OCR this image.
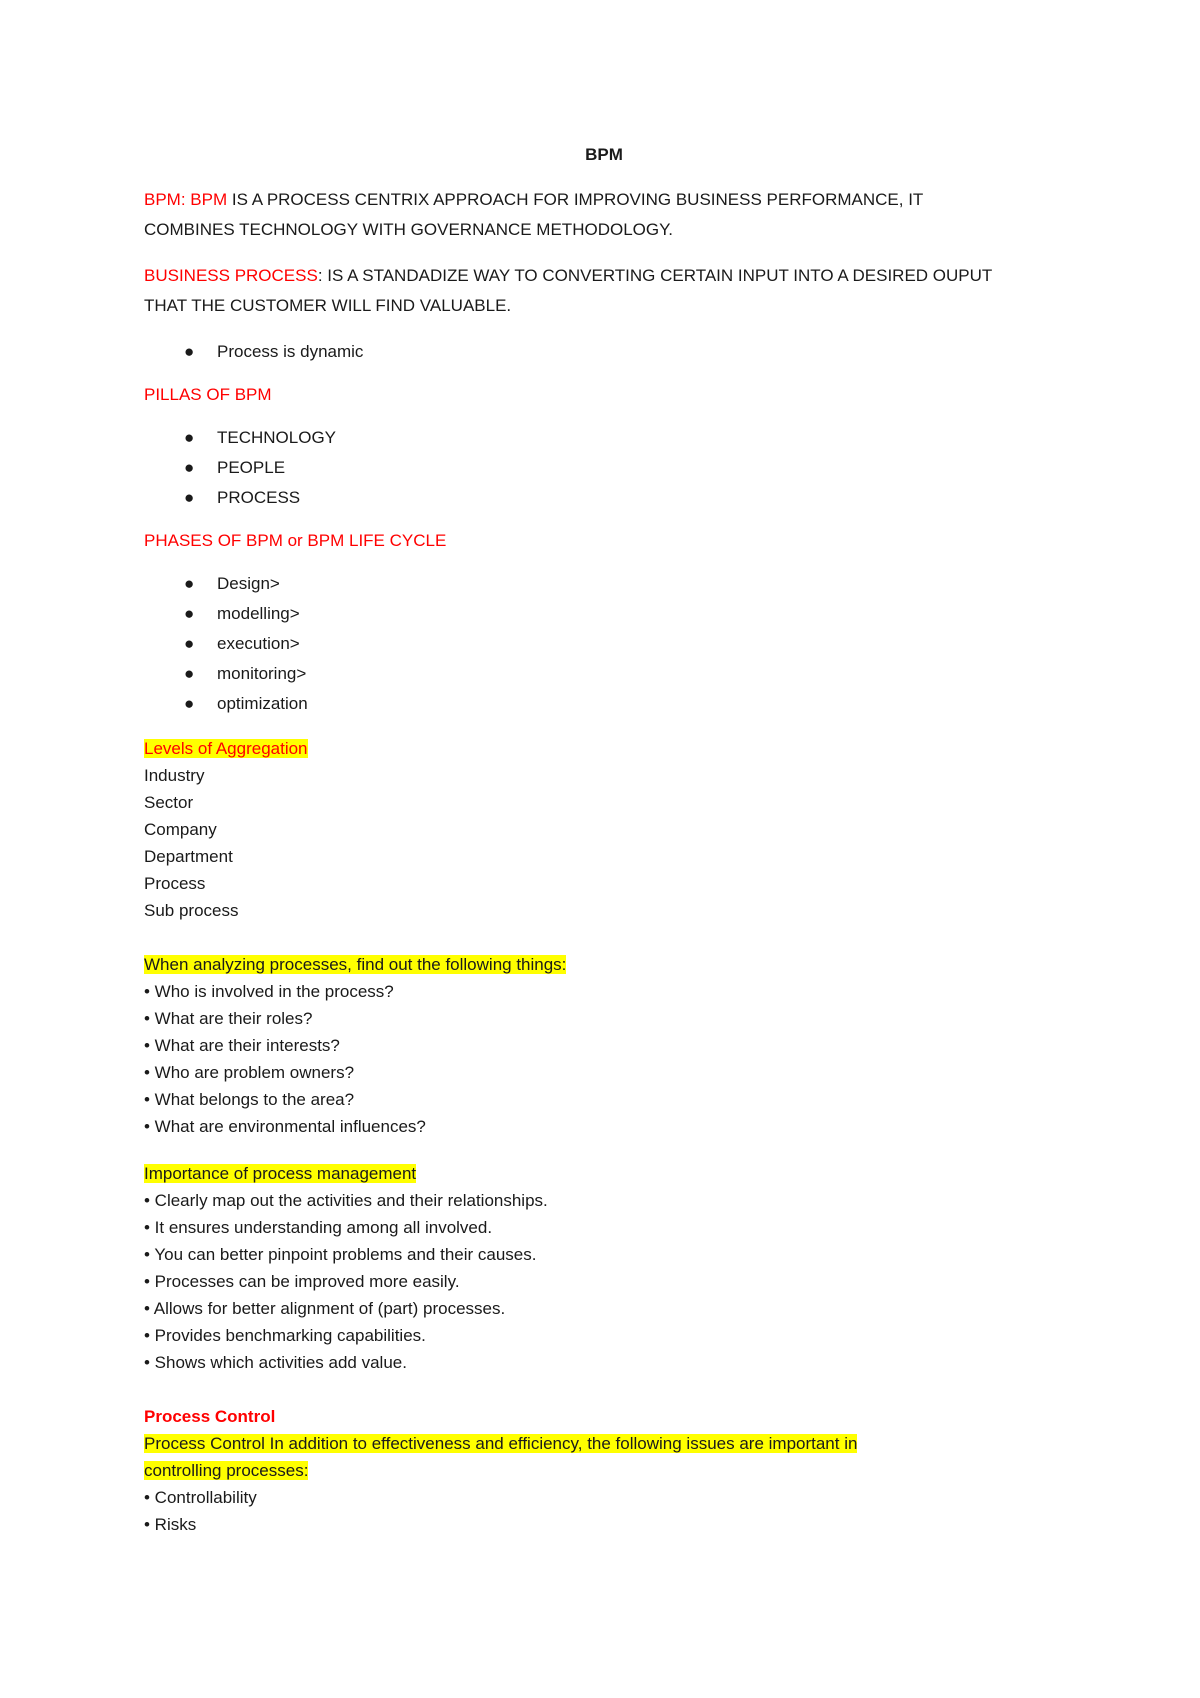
BPM
BPM: BPM IS A PROCESS CENTRIX APPROACH FOR IMPROVING BUSINESS PERFORMANCE, IT
COMBINES TECHNOLOGY WITH GOVERNANCE METHODOLOGY.
BUSINESS PROCESS: IS A STANDADIZE WAY TO CONVERTING CERTAIN INPUT INTO A DESIRED OUPUT
THAT THE CUSTOMER WILL FIND VALUABLE.
● Process is dynamic
PILLAS OF BPM
● TECHNOLOGY
● PEOPLE
● PROCESS
PHASES OF BPM or BPM LIFE CYCLE
● Design>
● modelling>
● execution>
● monitoring>
● optimization
Levels of Aggregation
Industry
Sector
Company
Department
Process
Sub process
When analyzing processes, find out the following things:
• Who is involved in the process?
• What are their roles?
• What are their interests?
• Who are problem owners?
• What belongs to the area?
• What are environmental influences?
Importance of process management
• Clearly map out the activities and their relationships.
• It ensures understanding among all involved.
• You can better pinpoint problems and their causes.
• Processes can be improved more easily.
• Allows for better alignment of (part) processes.
• Provides benchmarking capabilities.
• Shows which activities add value.
Process Control
Process Control In addition to effectiveness and efficiency, the following issues are important in
controlling processes:
• Controllability
• Risks
